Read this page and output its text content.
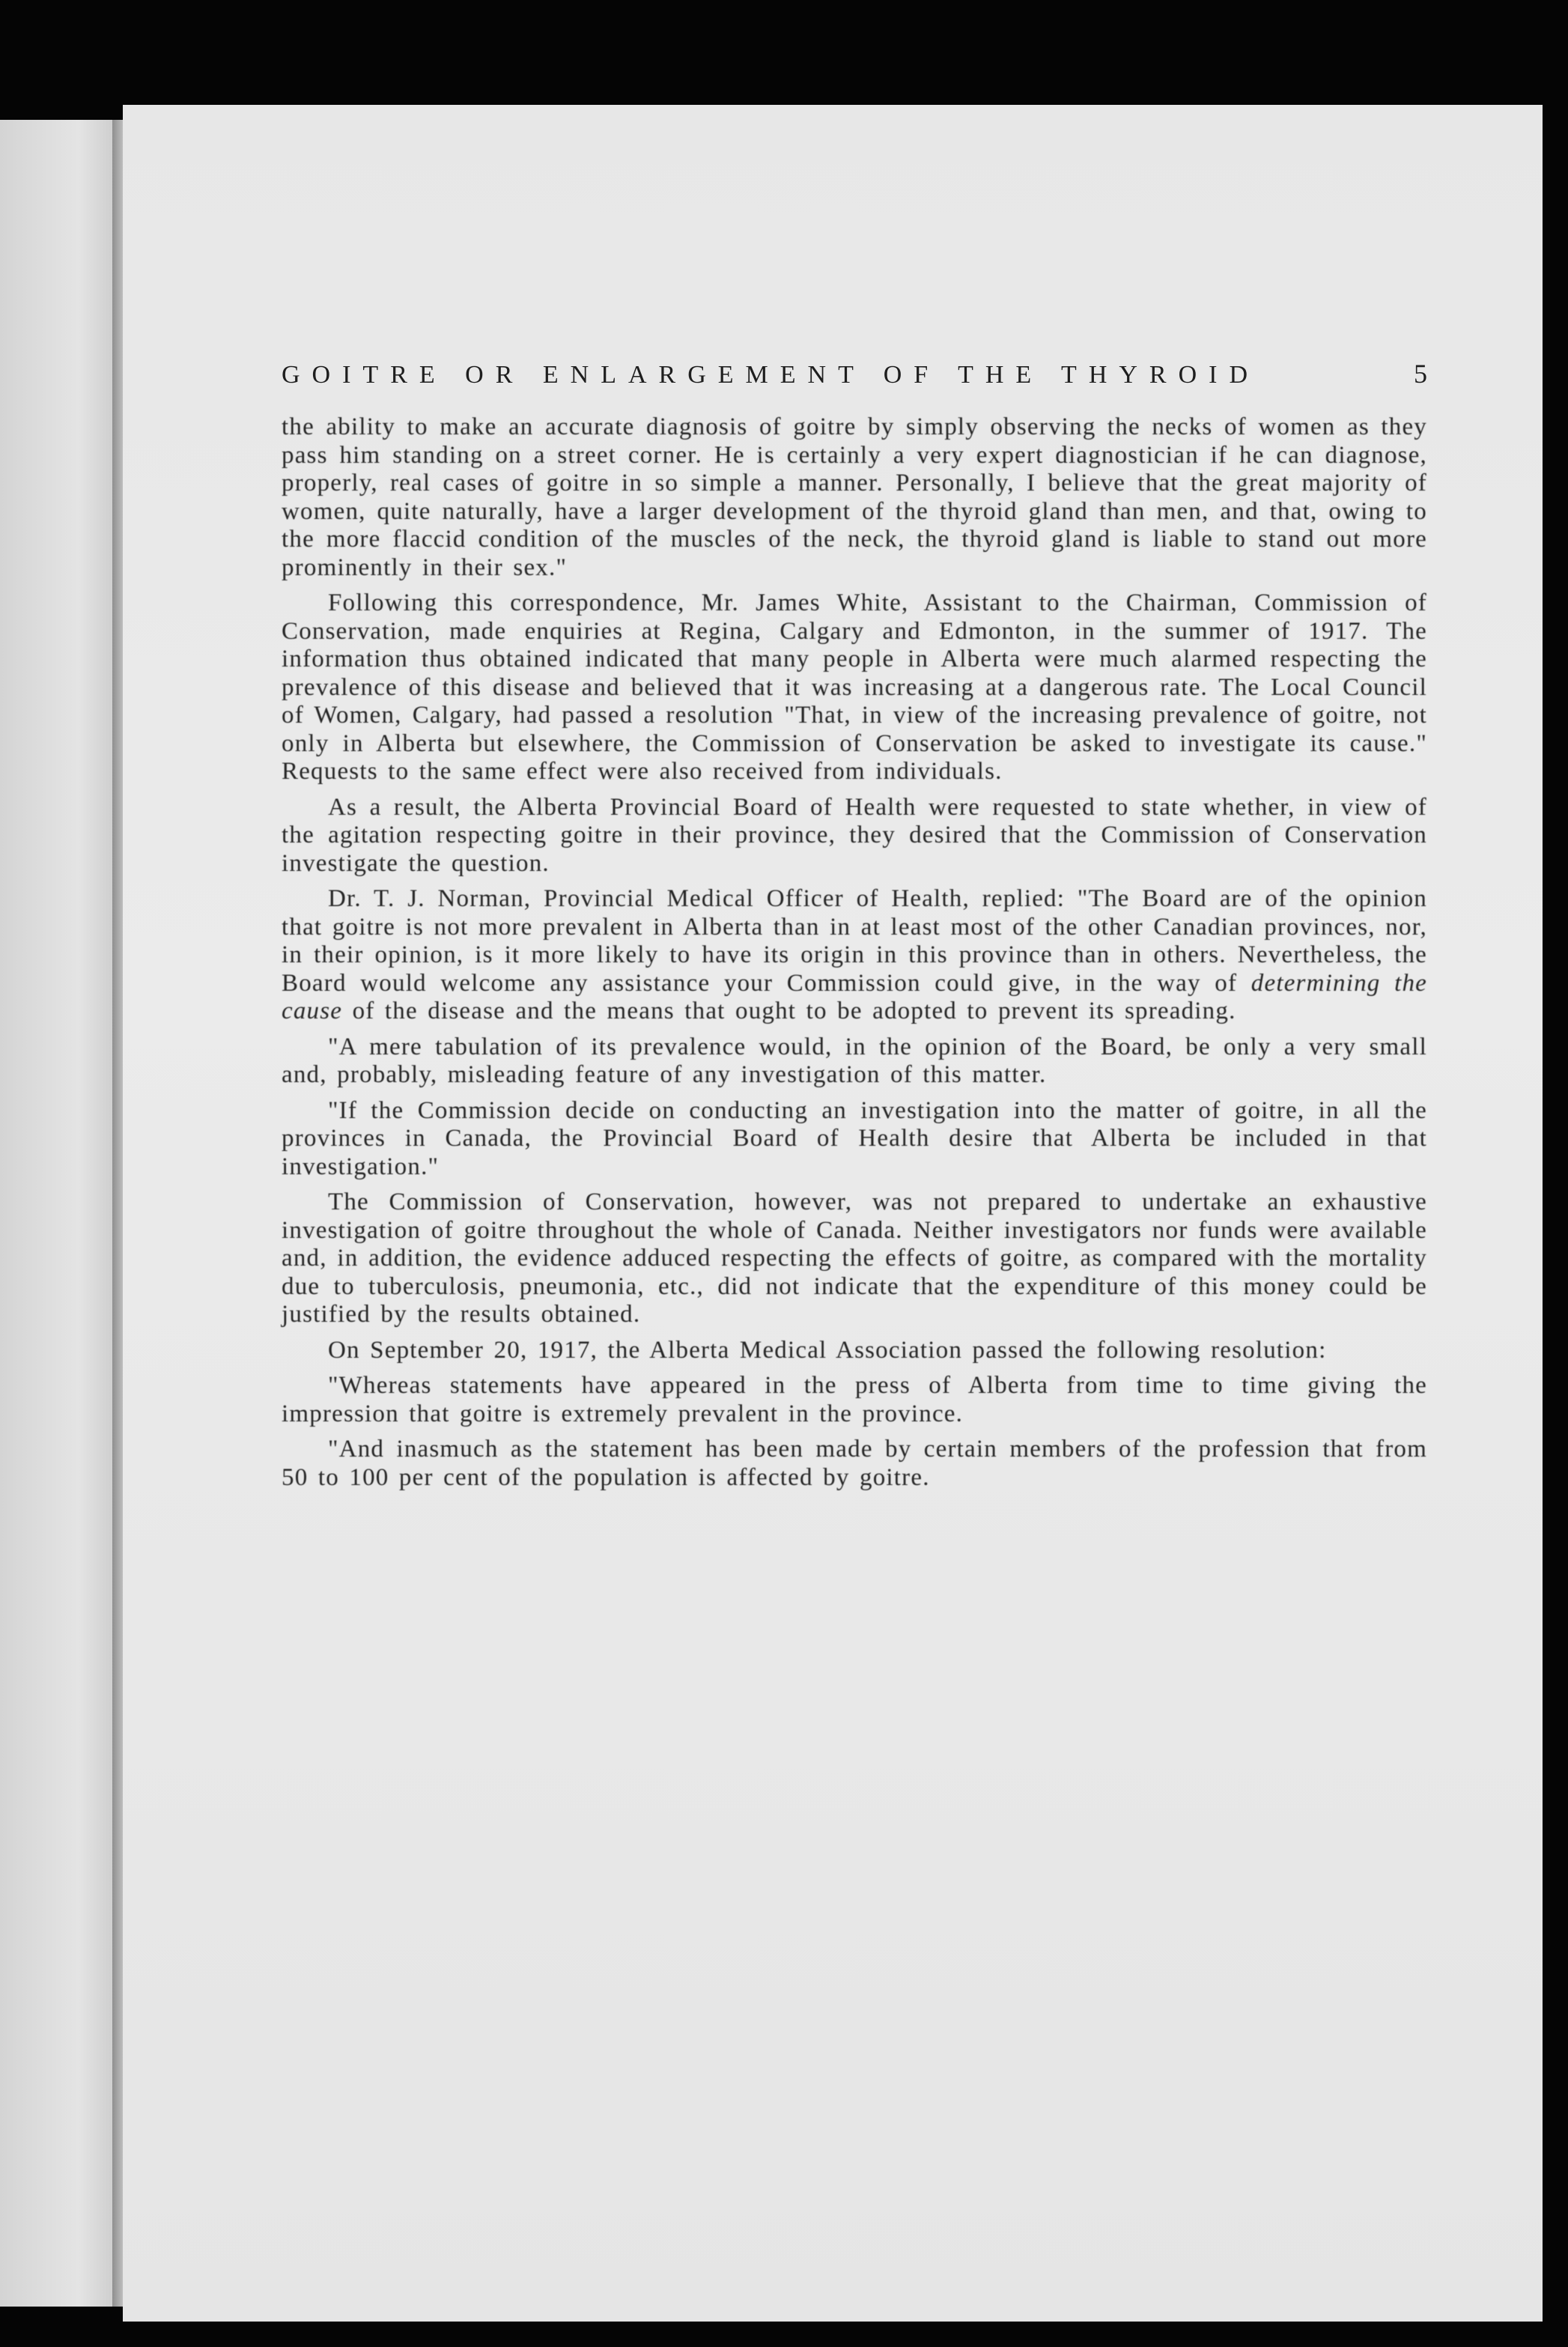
GOITRE OR ENLARGEMENT OF THE THYROID	5

the ability to make an accurate diagnosis of goitre by simply observing the necks of women as they pass him standing on a street corner. He is certainly a very expert diagnostician if he can diagnose, properly, real cases of goitre in so simple a manner. Personally, I believe that the great majority of women, quite naturally, have a larger development of the thyroid gland than men, and that, owing to the more flaccid condition of the muscles of the neck, the thyroid gland is liable to stand out more prominently in their sex."

Following this correspondence, Mr. James White, Assistant to the Chairman, Commission of Conservation, made enquiries at Regina, Calgary and Edmonton, in the summer of 1917. The information thus obtained indicated that many people in Alberta were much alarmed respecting the prevalence of this disease and believed that it was increasing at a dangerous rate. The Local Council of Women, Calgary, had passed a resolution "That, in view of the increasing prevalence of goitre, not only in Alberta but elsewhere, the Commission of Conservation be asked to investigate its cause." Requests to the same effect were also received from individuals.

As a result, the Alberta Provincial Board of Health were requested to state whether, in view of the agitation respecting goitre in their province, they desired that the Commission of Conservation investigate the question.

Dr. T. J. Norman, Provincial Medical Officer of Health, replied: "The Board are of the opinion that goitre is not more prevalent in Alberta than in at least most of the other Canadian provinces, nor, in their opinion, is it more likely to have its origin in this province than in others. Nevertheless, the Board would welcome any assistance your Commission could give, in the way of determining the cause of the disease and the means that ought to be adopted to prevent its spreading.

"A mere tabulation of its prevalence would, in the opinion of the Board, be only a very small and, probably, misleading feature of any investigation of this matter.

"If the Commission decide on conducting an investigation into the matter of goitre, in all the provinces in Canada, the Provincial Board of Health desire that Alberta be included in that investigation."

The Commission of Conservation, however, was not prepared to undertake an exhaustive investigation of goitre throughout the whole of Canada. Neither investigators nor funds were available and, in addition, the evidence adduced respecting the effects of goitre, as compared with the mortality due to tuberculosis, pneumonia, etc., did not indicate that the expenditure of this money could be justified by the results obtained.

On September 20, 1917, the Alberta Medical Association passed the following resolution:

"Whereas statements have appeared in the press of Alberta from time to time giving the impression that goitre is extremely prevalent in the province.

"And inasmuch as the statement has been made by certain members of the profession that from 50 to 100 per cent of the population is affected by goitre.
